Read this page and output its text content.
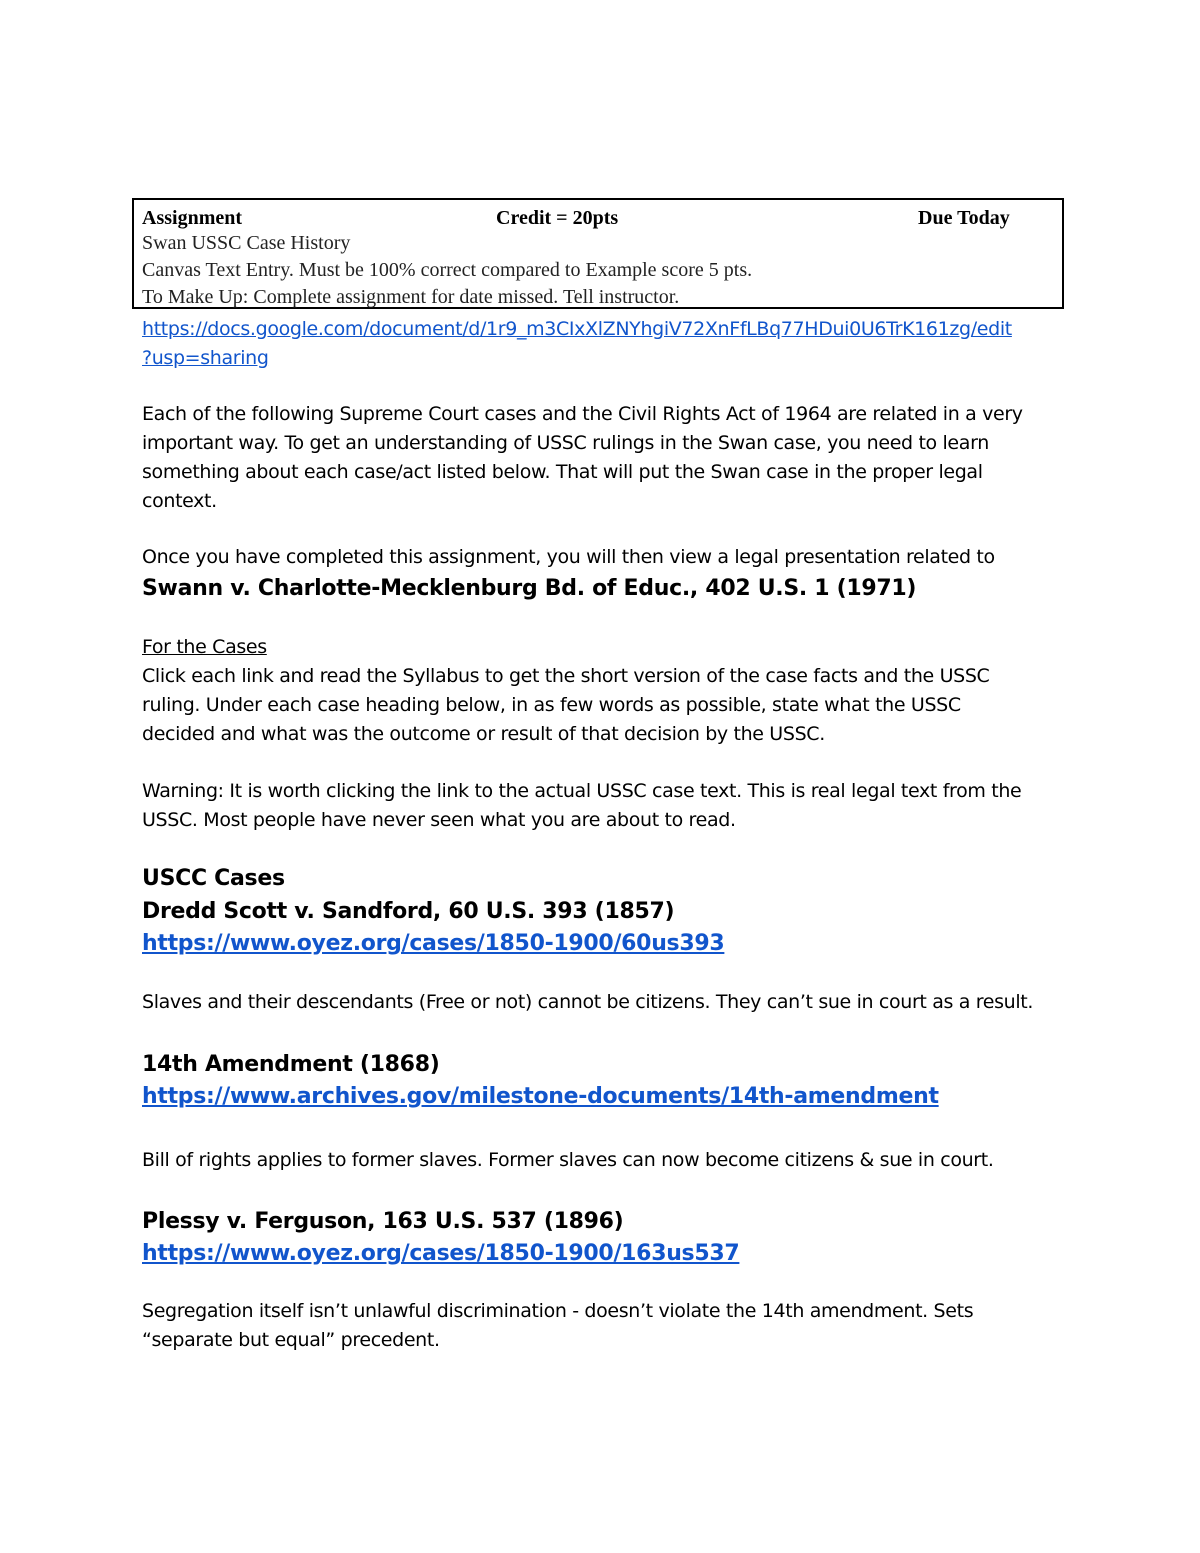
Assignment	Credit = 20pts	Due Today
Swan USSC Case History
Canvas Text Entry. Must be 100% correct compared to Example score 5 pts.
To Make Up: Complete assignment for date missed. Tell instructor.
https://docs.google.com/document/d/1r9_m3CIxXlZNYhgiV72XnFfLBq77HDui0U6TrK161zg/edit
?usp=sharing
Each of the following Supreme Court cases and the Civil Rights Act of 1964 are related in a very
important way. To get an understanding of USSC rulings in the Swan case, you need to learn
something about each case/act listed below. That will put the Swan case in the proper legal
context.
Once you have completed this assignment, you will then view a legal presentation related to
Swann v. Charlotte-Mecklenburg Bd. of Educ., 402 U.S. 1 (1971)
For the Cases
Click each link and read the Syllabus to get the short version of the case facts and the USSC
ruling. Under each case heading below, in as few words as possible, state what the USSC
decided and what was the outcome or result of that decision by the USSC.
Warning: It is worth clicking the link to the actual USSC case text. This is real legal text from the
USSC. Most people have never seen what you are about to read.
USCC Cases
Dredd Scott v. Sandford, 60 U.S. 393 (1857)
https://www.oyez.org/cases/1850-1900/60us393
Slaves and their descendants (Free or not) cannot be citizens. They can’t sue in court as a result.
14th Amendment (1868)
https://www.archives.gov/milestone-documents/14th-amendment
Bill of rights applies to former slaves. Former slaves can now become citizens & sue in court.
Plessy v. Ferguson, 163 U.S. 537 (1896)
https://www.oyez.org/cases/1850-1900/163us537
Segregation itself isn’t unlawful discrimination - doesn’t violate the 14th amendment. Sets
“separate but equal” precedent.
